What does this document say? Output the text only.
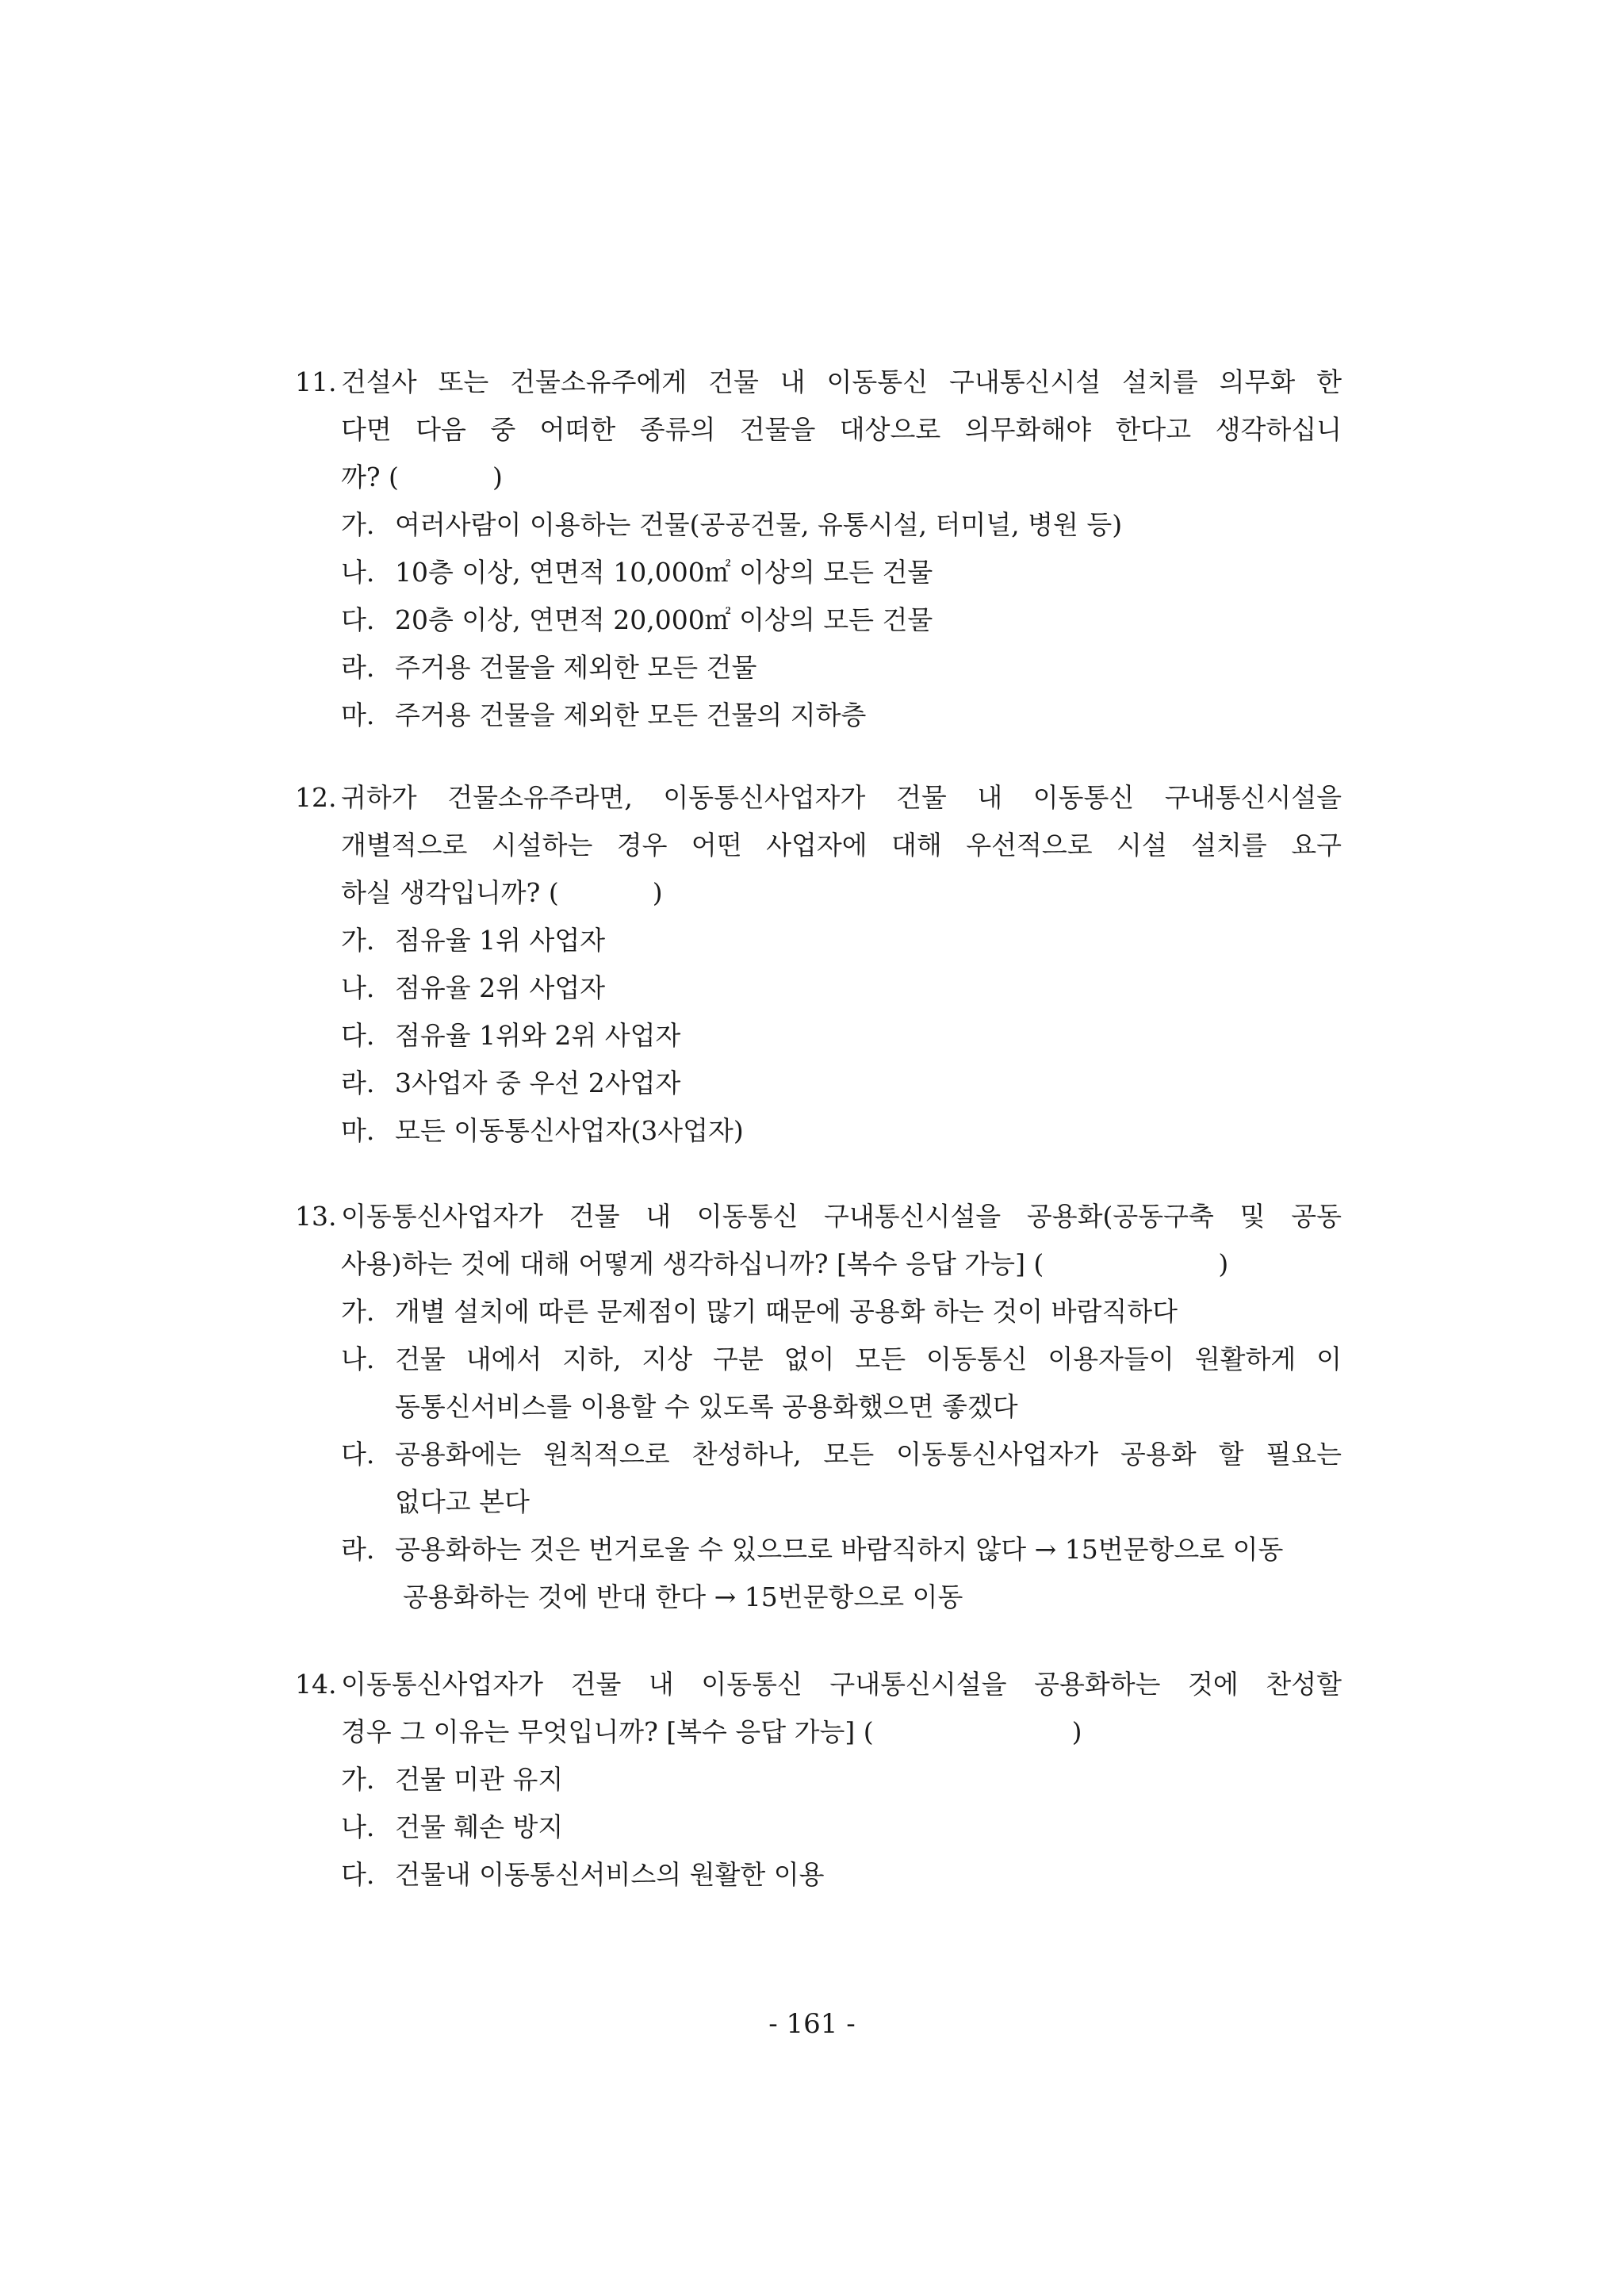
11. 건설사 또는 건물소유주에게 건물 내 이동통신 구내통신시설 설치를 의무화 한
다면 다음 중 어떠한 종류의 건물을 대상으로 의무화해야 한다고 생각하십니
까? (	)
가. 여러사람이 이용하는 건물(공공건물, 유통시설, 터미널, 병원 등)
나. 10층 이상, 연면적 10,000㎡ 이상의 모든 건물
다. 20층 이상, 연면적 20,000㎡ 이상의 모든 건물
라. 주거용 건물을 제외한 모든 건물
마. 주거용 건물을 제외한 모든 건물의 지하층
12. 귀하가 건물소유주라면, 이동통신사업자가 건물 내 이동통신 구내통신시설을
개별적으로 시설하는 경우 어떤 사업자에 대해 우선적으로 시설 설치를 요구
하실 생각입니까? (	)
가. 점유율 1위 사업자
나. 점유율 2위 사업자
다. 점유율 1위와 2위 사업자
라. 3사업자 중 우선 2사업자
마. 모든 이동통신사업자(3사업자)
13. 이동통신사업자가 건물 내 이동통신 구내통신시설을 공용화(공동구축 및 공동
사용)하는 것에 대해 어떻게 생각하십니까? [복수 응답 가능] (	)
가. 개별 설치에 따른 문제점이 많기 때문에 공용화 하는 것이 바람직하다
나. 건물 내에서 지하, 지상 구분 없이 모든 이동통신 이용자들이 원활하게 이
동통신서비스를 이용할 수 있도록 공용화했으면 좋겠다
다. 공용화에는 원칙적으로 찬성하나, 모든 이동통신사업자가 공용화 할 필요는
없다고 본다
라. 공용화하는 것은 번거로울 수 있으므로 바람직하지 않다 → 15번문항으로 이동
공용화하는 것에 반대 한다 → 15번문항으로 이동
14. 이동통신사업자가 건물 내 이동통신 구내통신시설을 공용화하는 것에 찬성할
경우 그 이유는 무엇입니까? [복수 응답 가능] (	)
가. 건물 미관 유지
나. 건물 훼손 방지
다. 건물내 이동통신서비스의 원활한 이용
- 161 -
